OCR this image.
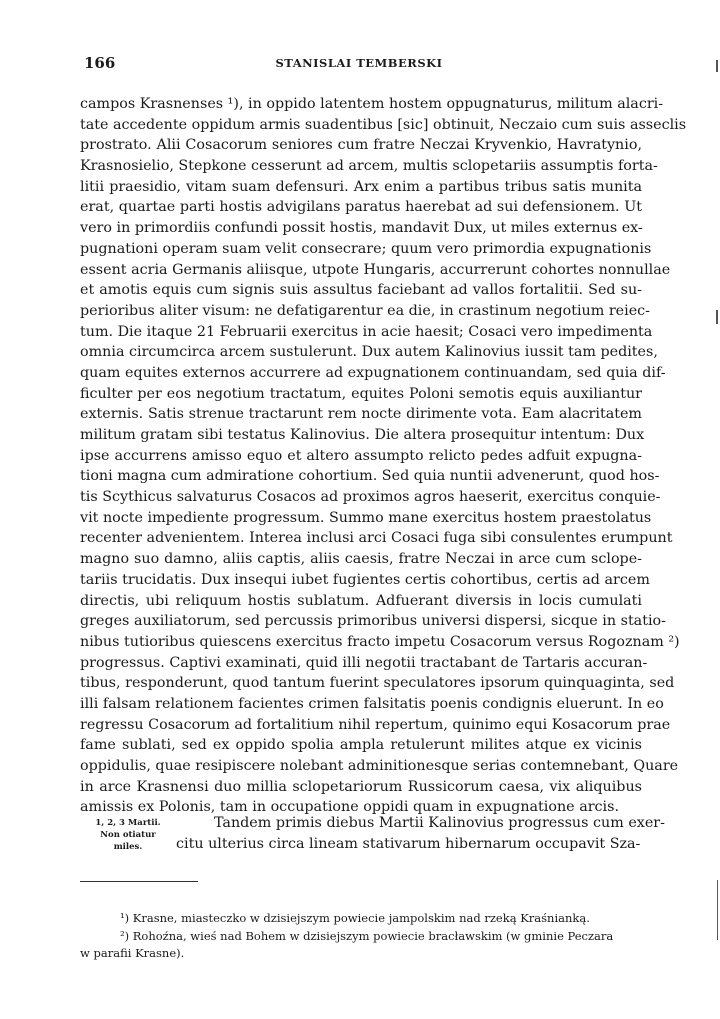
166	STANISLAI TEMBERSKI
campos Krasnenses ¹), in oppido latentem hostem oppugnaturus, militum alacri-
tate accedente oppidum armis suadentibus [sic] obtinuit, Neczaio cum suis asseclis
prostrato. Alii Cosacorum seniores cum fratre Neczai Kryvenkio, Havratynio,
Krasnosielio, Stepkone cesserunt ad arcem, multis sclopetariis assumptis forta-
litii praesidio, vitam suam defensuri. Arx enim a partibus tribus satis munita
erat, quartae parti hostis advigilans paratus haerebat ad sui defensionem. Ut
vero in primordiis confundi possit hostis, mandavit Dux, ut miles externus ex-
pugnationi operam suam velit consecrare; quum vero primordia expugnationis
essent acria Germanis aliisque, utpote Hungaris, accurrerunt cohortes nonnullae
et amotis equis cum signis suis assultus faciebant ad vallos fortalitii. Sed su-
perioribus aliter visum: ne defatigarentur ea die, in crastinum negotium reiec-
tum. Die itaque 21 Februarii exercitus in acie haesit; Cosaci vero impedimenta
omnia circumcirca arcem sustulerunt. Dux autem Kalinovius iussit tam pedites,
quam equites externos accurrere ad expugnationem continuandam, sed quia dif-
ficulter per eos negotium tractatum, equites Poloni semotis equis auxiliantur
externis. Satis strenue tractarunt rem nocte dirimente vota. Eam alacritatem
militum gratam sibi testatus Kalinovius. Die altera prosequitur intentum: Dux
ipse accurrens amisso equo et altero assumpto relicto pedes adfuit expugna-
tioni magna cum admiratione cohortium. Sed quia nuntii advenerunt, quod hos-
tis Scythicus salvaturus Cosacos ad proximos agros haeserit, exercitus conquie-
vit nocte impediente progressum. Summo mane exercitus hostem praestolatus
recenter advenientem. Interea inclusi arci Cosaci fuga sibi consulentes erumpunt
magno suo damno, aliis captis, aliis caesis, fratre Neczai in arce cum sclope-
tariis trucidatis. Dux insequi iubet fugientes certis cohortibus, certis ad arcem
directis, ubi reliquum hostis sublatum. Adfuerant diversis in locis cumulati
greges auxiliatorum, sed percussis primoribus universi dispersi, sicque in statio-
nibus tutioribus quiescens exercitus fracto impetu Cosacorum versus Rogoznam ²)
progressus. Captivi examinati, quid illi negotii tractabant de Tartaris accuran-
tibus, responderunt, quod tantum fuerint speculatores ipsorum quinquaginta, sed
illi falsam relationem facientes crimen falsitatis poenis condignis eluerunt. In eo
regressu Cosacorum ad fortalitium nihil repertum, quinimo equi Kosacorum prae
fame sublati, sed ex oppido spolia ampla retulerunt milites atque ex vicinis
oppidulis, quae resipiscere nolebant adminitionesque serias contemnebant, Quare
in arce Krasnensi duo millia sclopetariorum Russicorum caesa, vix aliquibus
amissis ex Polonis, tam in occupatione oppidi quam in expugnatione arcis.
1, 2, 3 Martii.
Non otiatur
miles.
Tandem primis diebus Martii Kalinovius progressus cum exer-
citu ulterius circa lineam stativarum hibernarum occupavit Sza-
¹) Krasne, miasteczko w dzisiejszym powiecie jampolskim nad rzeką Kraśnianką.
²) Rohoźna, wieś nad Bohem w dzisiejszym powiecie bracławskim (w gminie Peczara
w parafii Krasne).
